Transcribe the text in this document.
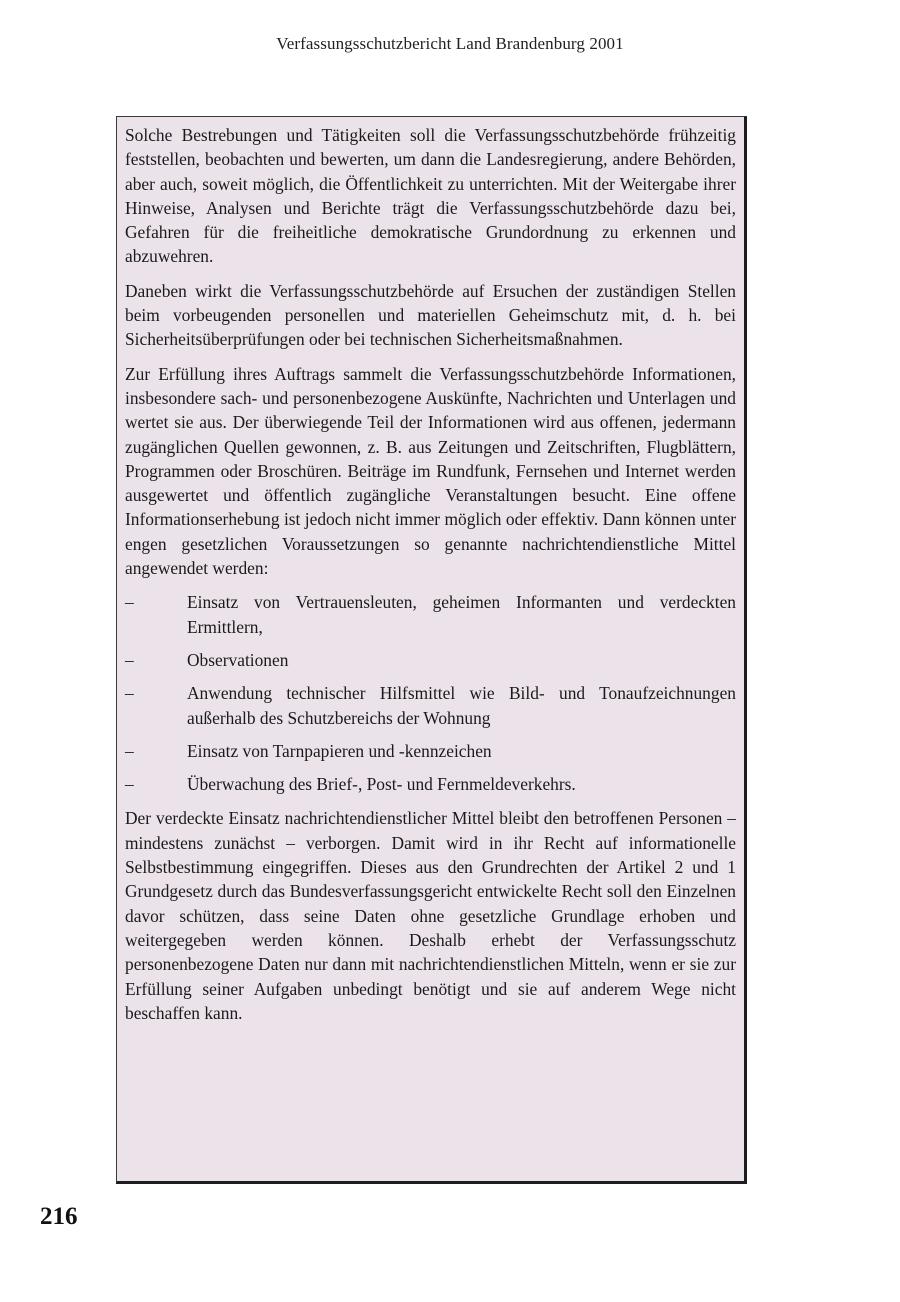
Verfassungsschutzbericht Land Brandenburg 2001

Solche Bestrebungen und Tätigkeiten soll die Verfassungsschutzbehörde frühzeitig feststellen, beobachten und bewerten, um dann die Landesregierung, andere Behörden, aber auch, soweit möglich, die Öffentlichkeit zu unterrichten. Mit der Weitergabe ihrer Hinweise, Analysen und Berichte trägt die Verfassungsschutzbehörde dazu bei, Gefahren für die freiheitliche demokratische Grundordnung zu erkennen und abzuwehren.

Daneben wirkt die Verfassungsschutzbehörde auf Ersuchen der zuständigen Stellen beim vorbeugenden personellen und materiellen Geheimschutz mit, d. h. bei Sicherheitsüberprüfungen oder bei technischen Sicherheitsmaßnahmen.

Zur Erfüllung ihres Auftrags sammelt die Verfassungsschutzbehörde Informationen, insbesondere sach- und personenbezogene Auskünfte, Nachrichten und Unterlagen und wertet sie aus. Der überwiegende Teil der Informationen wird aus offenen, jedermann zugänglichen Quellen gewonnen, z. B. aus Zeitungen und Zeitschriften, Flugblättern, Programmen oder Broschüren. Beiträge im Rundfunk, Fernsehen und Internet werden ausgewertet und öffentlich zugängliche Veranstaltungen besucht. Eine offene Informationserhebung ist jedoch nicht immer möglich oder effektiv. Dann können unter engen gesetzlichen Voraussetzungen so genannte nachrichtendienstliche Mittel angewendet werden:

–	Einsatz von Vertrauensleuten, geheimen Informanten und verdeckten Ermittlern,
–	Observationen
–	Anwendung technischer Hilfsmittel wie Bild- und Tonaufzeichnungen außerhalb des Schutzbereichs der Wohnung
–	Einsatz von Tarnpapieren und -kennzeichen
–	Überwachung des Brief-, Post- und Fernmeldeverkehrs.

Der verdeckte Einsatz nachrichtendienstlicher Mittel bleibt den betroffenen Personen – mindestens zunächst – verborgen. Damit wird in ihr Recht auf informationelle Selbstbestimmung eingegriffen. Dieses aus den Grundrechten der Artikel 2 und 1 Grundgesetz durch das Bundesverfassungsgericht entwickelte Recht soll den Einzelnen davor schützen, dass seine Daten ohne gesetzliche Grundlage erhoben und weitergegeben werden können. Deshalb erhebt der Verfassungsschutz personenbezogene Daten nur dann mit nachrichtendienstlichen Mitteln, wenn er sie zur Erfüllung seiner Aufgaben unbedingt benötigt und sie auf anderem Wege nicht beschaffen kann.

216
